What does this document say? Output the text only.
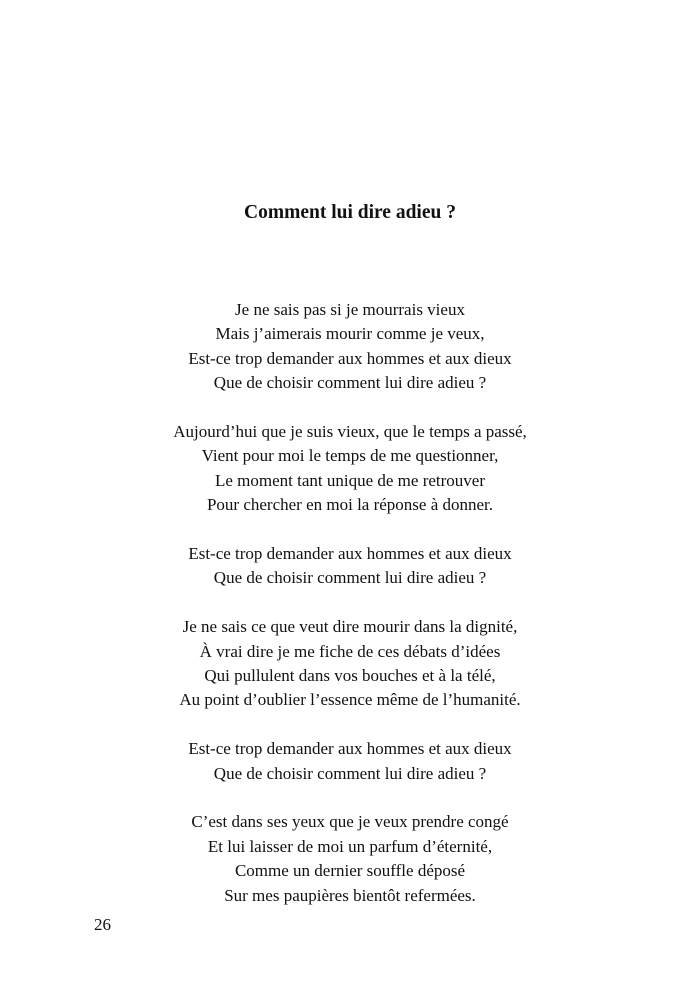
Comment lui dire adieu ?
Je ne sais pas si je mourrais vieux
Mais j’aimerais mourir comme je veux,
Est-ce trop demander aux hommes et aux dieux
Que de choisir comment lui dire adieu ?
Aujourd’hui que je suis vieux, que le temps a passé,
Vient pour moi le temps de me questionner,
Le moment tant unique de me retrouver
Pour chercher en moi la réponse à donner.
Est-ce trop demander aux hommes et aux dieux
Que de choisir comment lui dire adieu ?
Je ne sais ce que veut dire mourir dans la dignité,
À vrai dire je me fiche de ces débats d’idées
Qui pullulent dans vos bouches et à la télé,
Au point d’oublier l’essence même de l’humanité.
Est-ce trop demander aux hommes et aux dieux
Que de choisir comment lui dire adieu ?
C’est dans ses yeux que je veux prendre congé
Et lui laisser de moi un parfum d’éternité,
Comme un dernier souffle déposé
Sur mes paupières bientôt refermées.
26
